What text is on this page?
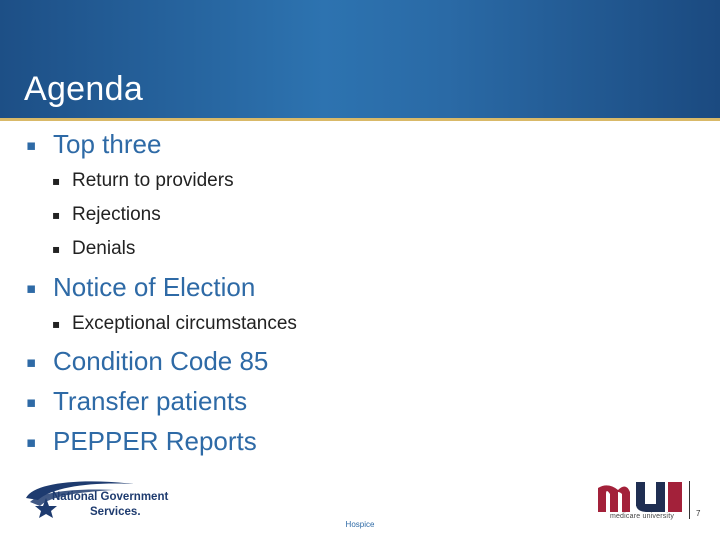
Agenda
▪ Top three
▪ Return to providers
▪ Rejections
▪ Denials
▪ Notice of Election
▪ Exceptional circumstances
▪ Condition Code 85
▪ Transfer patients
▪ PEPPER Reports
National Government
Services.
Hospice
medicare university	7
